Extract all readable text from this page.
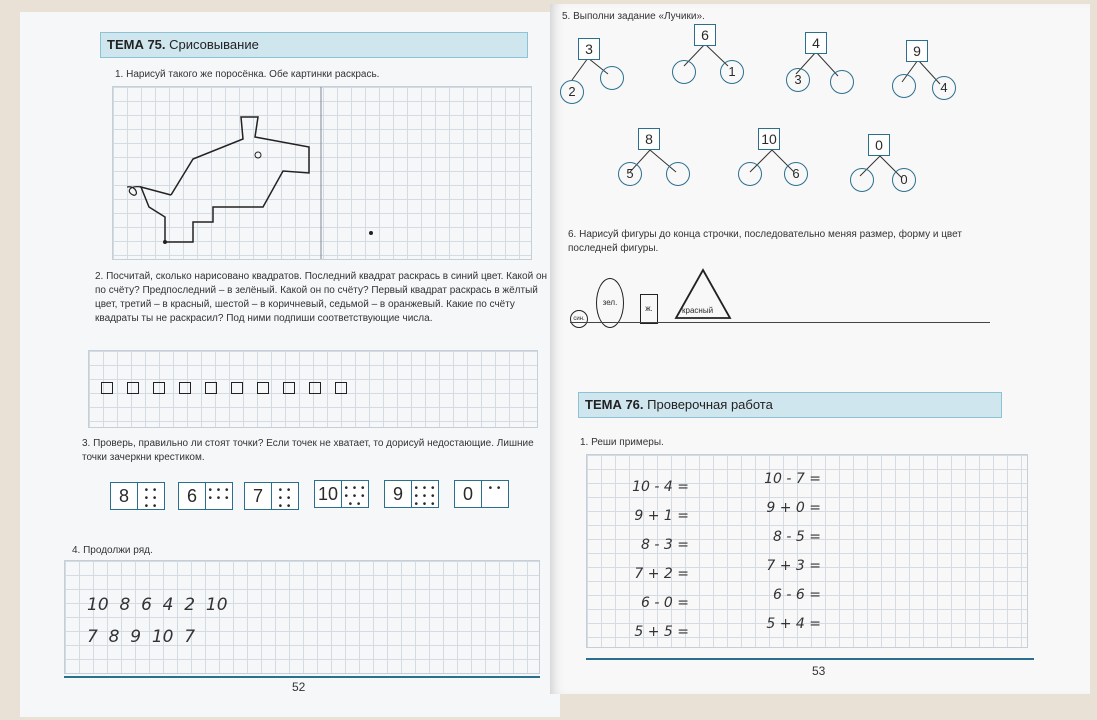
ТЕМА 75. Срисовывание
1. Нарисуй такого же поросёнка. Обе картинки раскрась.
2. Посчитай, сколько нарисовано квадратов. Последний квадрат раскрась в синий цвет. Какой он по счёту? Предпоследний – в зелёный. Какой он по счёту? Первый квадрат раскрась в жёлтый цвет, третий – в красный, шестой – в коричневый, седьмой – в оранжевый. Какие по счёту квадраты ты не раскрасил? Под ними подпиши соответствующие числа.
3. Проверь, правильно ли стоят точки? Если точек не хватает, то дорисуй недостающие. Лишние точки зачеркни крестиком.
8	• •
• •
• •
6	• • •
• • •	7	• •
• •
• •
10 • • •
• • •
• •
9	• • •
• • •
• • •
0	• •
4. Продолжи ряд.
10  8  6  4  2  10
7  8  9  10  7
52
5. Выполни задание «Лучики».
3
2
6
1
4
3
9
4
8
5
10
6
0
0
6. Нарисуй фигуры до конца строчки, последовательно меняя размер, форму и цвет последней фигуры.
син.
зел.
ж.	красный
ТЕМА 76. Проверочная работа
1. Реши примеры.
10 - 4 =
9 + 1 =
8 - 3 =
7 + 2 =
6 - 0 =
5 + 5 =
10 - 7 =
9 + 0 =
8 - 5 =
7 + 3 =
6 - 6 =
5 + 4 =
53
